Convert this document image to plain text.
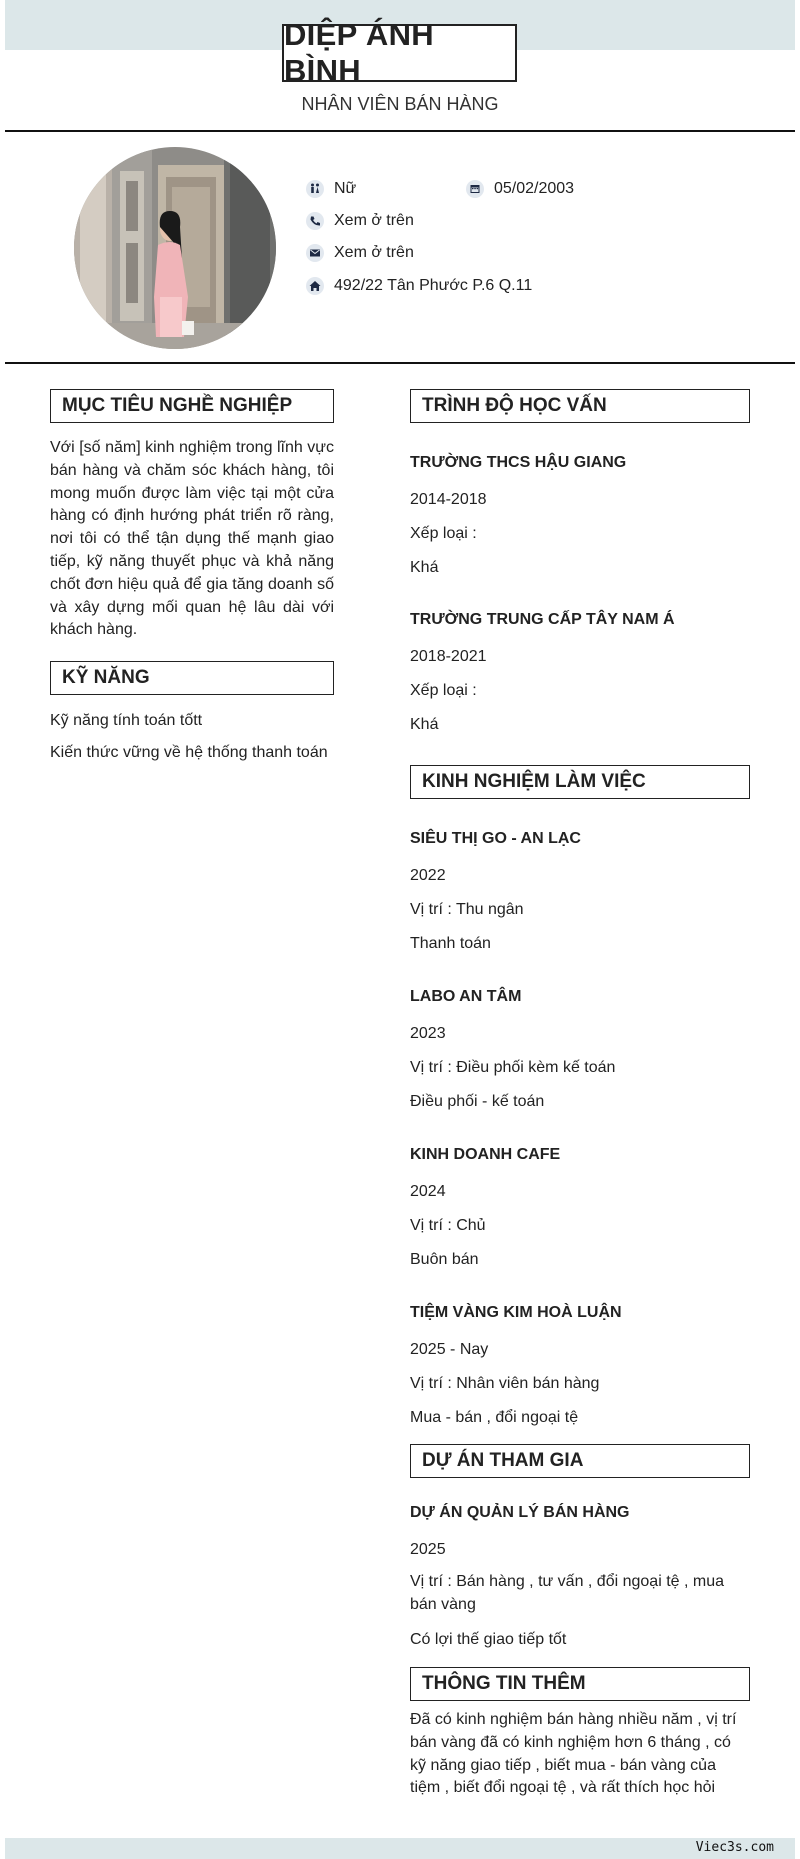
DIỆP ÁNH BÌNH
NHÂN VIÊN BÁN HÀNG
Nữ	05/02/2003
Xem ở trên
Xem ở trên
492/22 Tân Phước P.6 Q.11
MỤC TIÊU NGHỀ NGHIỆP
Với [số năm] kinh nghiệm trong lĩnh vực bán hàng và chăm sóc khách hàng, tôi mong muốn được làm việc tại một cửa hàng có định hướng phát triển rõ ràng, nơi tôi có thể tận dụng thế mạnh giao tiếp, kỹ năng thuyết phục và khả năng chốt đơn hiệu quả để gia tăng doanh số và xây dựng mối quan hệ lâu dài với khách hàng.
KỸ NĂNG
Kỹ năng tính toán tốtt
Kiến thức vững về hệ thống thanh toán
TRÌNH ĐỘ HỌC VẤN
TRƯỜNG THCS HẬU GIANG
2014-2018
Xếp loại :
Khá
TRƯỜNG TRUNG CẤP TÂY NAM Á
2018-2021
Xếp loại :
Khá
KINH NGHIỆM LÀM VIỆC
SIÊU THỊ GO - AN LẠC
2022
Vị trí : Thu ngân
Thanh toán
LABO AN TÂM
2023
Vị trí : Điều phối kèm kế toán
Điều phối - kế toán
KINH DOANH CAFE
2024
Vị trí : Chủ
Buôn bán
TIỆM VÀNG KIM HOÀ LUẬN
2025 - Nay
Vị trí : Nhân viên bán hàng
Mua - bán , đổi ngoại tệ
DỰ ÁN THAM GIA
DỰ ÁN QUẢN LÝ BÁN HÀNG
2025
Vị trí : Bán hàng , tư vấn , đổi ngoại tệ , mua bán vàng
Có lợi thế giao tiếp tốt
THÔNG TIN THÊM
Đã có kinh nghiệm bán hàng nhiều năm , vị trí bán vàng đã có kinh nghiệm hơn 6 tháng , có kỹ năng giao tiếp , biết mua - bán vàng của tiệm , biết đổi ngoại tệ , và rất thích học hỏi
Viec3s.com
